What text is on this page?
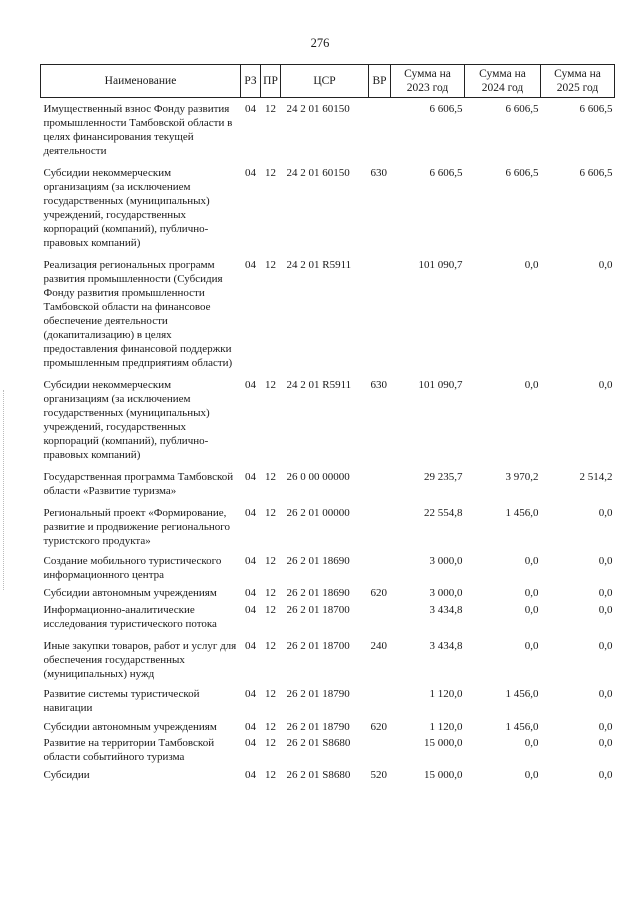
276
Наименование	РЗ	ПР	ЦСР	ВР	Сумма на 2023 год	Сумма на 2024 год	Сумма на 2025 год

Имущественный взнос Фонду развития промышленности Тамбовской области в целях финансирования текущей деятельности	04	12	24 2 01 60150		6 606,5	6 606,5	6 606,5

Субсидии некоммерческим организациям (за исключением государственных (муниципальных) учреждений, государственных корпораций (компаний), публично-правовых компаний)	04	12	24 2 01 60150	630	6 606,5	6 606,5	6 606,5

Реализация региональных программ развития промышленности (Субсидия Фонду развития промышленности Тамбовской области на финансовое обеспечение деятельности (докапитализацию) в целях предоставления финансовой поддержки промышленным предприятиям области)	04	12	24 2 01 R5911		101 090,7	0,0	0,0

Субсидии некоммерческим организациям (за исключением государственных (муниципальных) учреждений, государственных корпораций (компаний), публично-правовых компаний)	04	12	24 2 01 R5911	630	101 090,7	0,0	0,0

Государственная программа Тамбовской области «Развитие туризма»	04	12	26 0 00 00000		29 235,7	3 970,2	2 514,2

Региональный проект «Формирование, развитие и продвижение регионального туристского продукта»	04	12	26 2 01 00000		22 554,8	1 456,0	0,0

Создание мобильного туристического информационного центра	04	12	26 2 01 18690		3 000,0	0,0	0,0

Субсидии автономным учреждениям	04	12	26 2 01 18690	620	3 000,0	0,0	0,0

Информационно-аналитические исследования туристического потока	04	12	26 2 01 18700		3 434,8	0,0	0,0

Иные закупки товаров, работ и услуг для обеспечения государственных (муниципальных) нужд	04	12	26 2 01 18700	240	3 434,8	0,0	0,0

Развитие системы туристической навигации	04	12	26 2 01 18790		1 120,0	1 456,0	0,0

Субсидии автономным учреждениям	04	12	26 2 01 18790	620	1 120,0	1 456,0	0,0

Развитие на территории Тамбовской области событийного туризма	04	12	26 2 01 S8680		15 000,0	0,0	0,0

Субсидии	04	12	26 2 01 S8680	520	15 000,0	0,0	0,0
